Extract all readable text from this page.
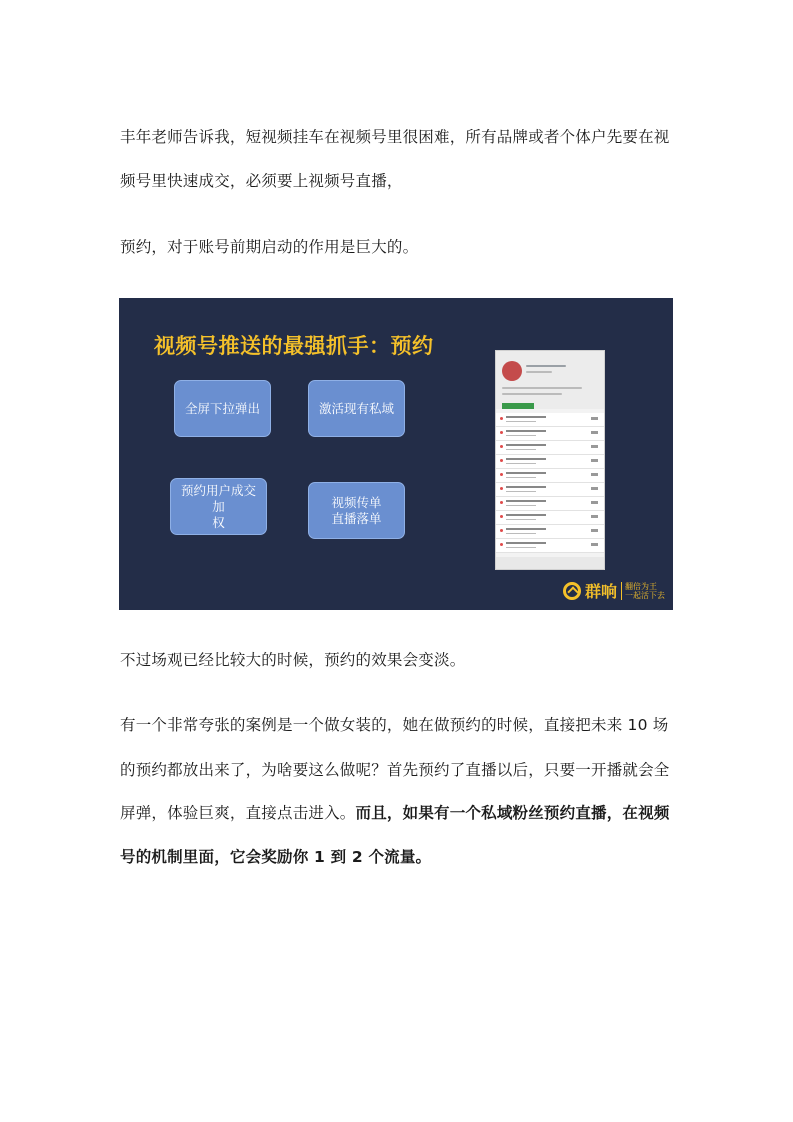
丰年老师告诉我，短视频挂车在视频号里很困难，所有品牌或者个体户先要在视

频号里快速成交，必须要上视频号直播，

预约，对于账号前期启动的作用是巨大的。

视频号推送的最强抓手：预约
全屏下拉弹出	激活现有私域
预约用户成交加
权
视频传单
直播落单
群响 翻倍为王
一起活下去

不过场观已经比较大的时候，预约的效果会变淡。

有一个非常夸张的案例是一个做女装的，她在做预约的时候，直接把未来 10 场

的预约都放出来了，为啥要这么做呢？首先预约了直播以后，只要一开播就会全

屏弹，体验巨爽，直接点击进入。而且，如果有一个私域粉丝预约直播，在视频

号的机制里面，它会奖励你 1 到 2 个流量。
